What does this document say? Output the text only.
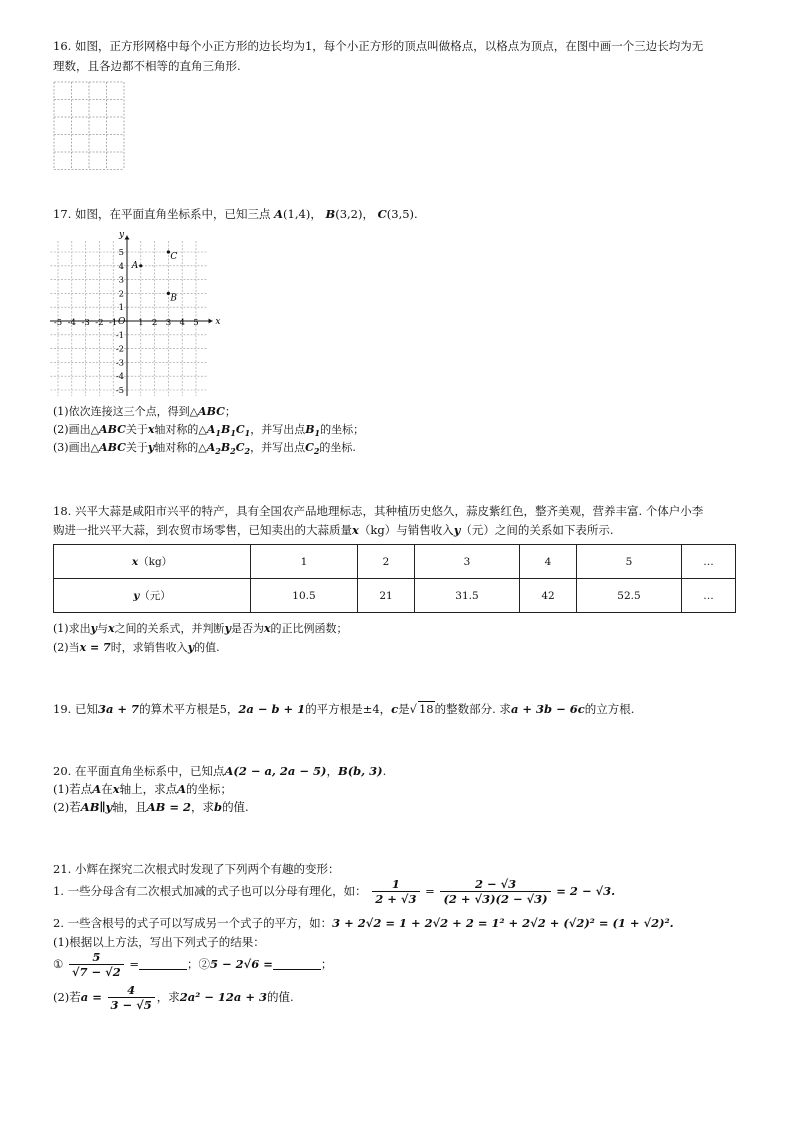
16. 如图，正方形网格中每个小正方形的边长均为1，每个小正方形的顶点叫做格点，以格点为顶点，在图中画一个三边长均为无
理数，且各边都不相等的直角三角形.
17. 如图，在平面直角坐标系中，已知三点 A(1,4)， B(3,2)， C(3,5).
x
y
O
-5 -4 -3 -2 -1 1 2 3 4 5
5
4
3
2
1
-1
-2
-3
-4
-5
A
C
B
(1)依次连接这三个点，得到△ABC；
(2)画出△ABC关于x轴对称的$\triangle A_1B_1C_1$，并写出点$B_1$的坐标；
(3)画出△ABC关于y轴对称的$\triangle A_2B_2C_2$，并写出点$C_2$的坐标.
18. 兴平大蒜是咸阳市兴平的特产，具有全国农产品地理标志，其种植历史悠久，蒜皮紫红色，整齐美观，营养丰富. 个体户小李
购进一批兴平大蒜，到农贸市场零售，已知卖出的大蒜质量x（kg）与销售收入y（元）之间的关系如下表所示.
x（kg）	1	2	3	4	5	…
y（元）	10.5	21	31.5	42	52.5	…
(1)求出y与x之间的关系式，并判断y是否为x的正比例函数；
(2)当x = 7时，求销售收入y的值.
19. 已知3a + 7的算术平方根是5，2a − b + 1的平方根是±4，c是√ 18的整数部分. 求a + 3b − 6c的立方根.
20. 在平面直角坐标系中，已知点A(2 − a, 2a − 5)，B(b, 3).
(1)若点A在x轴上，求点A的坐标；
(2)若AB∥y轴，且AB = 2，求b的值.
21. 小辉在探究二次根式时发现了下列两个有趣的变形：
1. 一些分母含有二次根式加减的式子也可以分母有理化，如： $\frac{1}{2 + √3} = \frac{2 - √3}{(2 + √3)(2 - √3)} = 2 - √3$.
2. 一些含根号的式子可以写成另一个式子的平方，如：3 + 2√2 = 1 + 2√2 + 2 = 1² + 2√2 + (√2)² = (1 + √2)².
(1)根据以上方法，写出下列式子的结果：
① $\frac{5}{√7 - √2}$ =	；②5 − 2√6 =	；
(2)若$a = \frac{4}{3 - √5}$ ，求2a² − 12a + 3的值.
